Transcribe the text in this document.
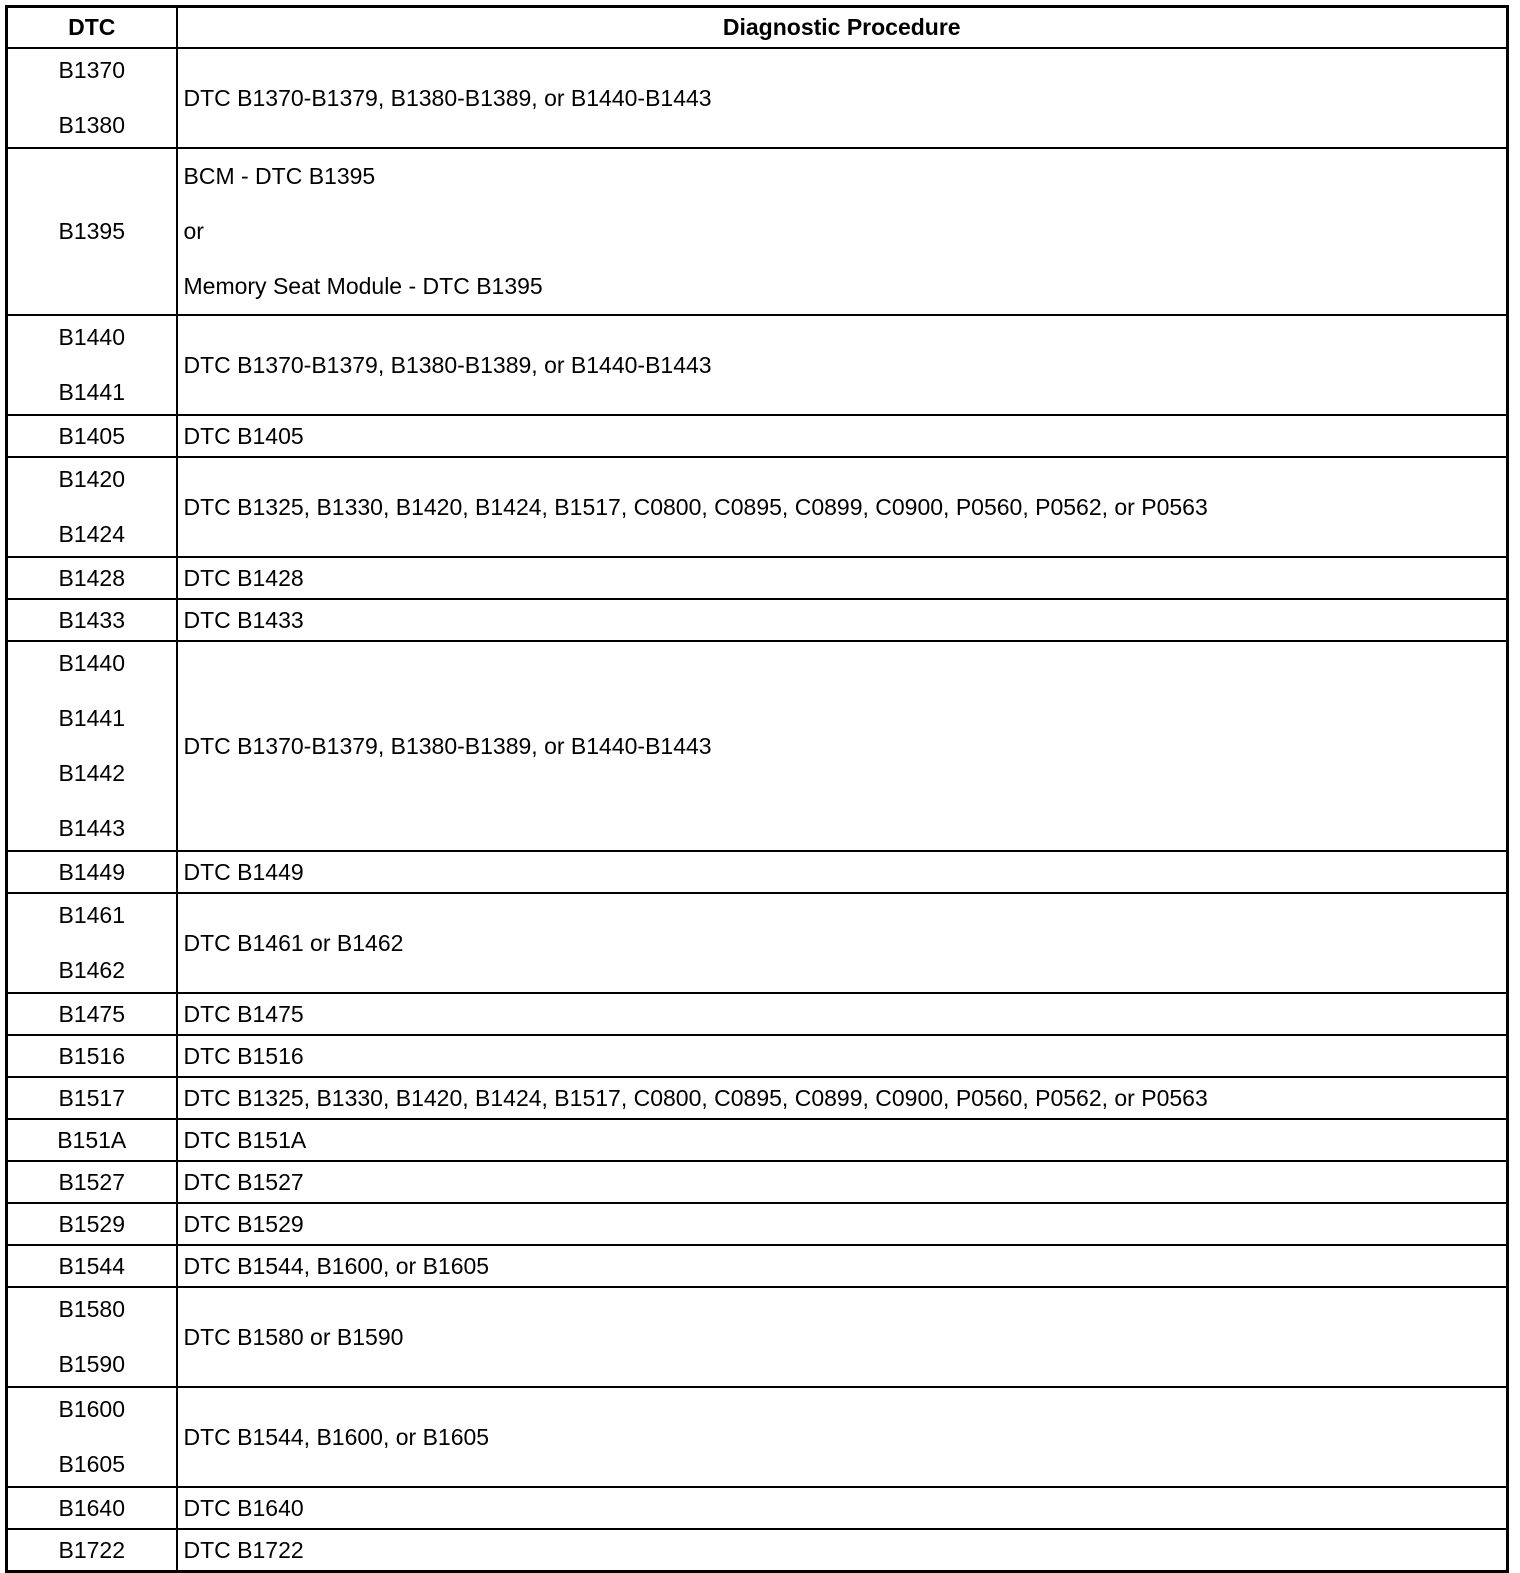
DTC	Diagnostic Procedure

B1370
B1380	DTC B1370-B1379, B1380-B1389, or B1440-B1443

B1395	BCM - DTC B1395
or
Memory Seat Module - DTC B1395

B1440
B1441	DTC B1370-B1379, B1380-B1389, or B1440-B1443

B1405	DTC B1405

B1420
B1424	DTC B1325, B1330, B1420, B1424, B1517, C0800, C0895, C0899, C0900, P0560, P0562, or P0563

B1428	DTC B1428

B1433	DTC B1433

B1440
B1441
B1442
B1443	DTC B1370-B1379, B1380-B1389, or B1440-B1443

B1449	DTC B1449

B1461
B1462	DTC B1461 or B1462

B1475	DTC B1475

B1516	DTC B1516

B1517	DTC B1325, B1330, B1420, B1424, B1517, C0800, C0895, C0899, C0900, P0560, P0562, or P0563

B151A	DTC B151A

B1527	DTC B1527

B1529	DTC B1529

B1544	DTC B1544, B1600, or B1605

B1580
B1590	DTC B1580 or B1590

B1600
B1605	DTC B1544, B1600, or B1605

B1640	DTC B1640

B1722	DTC B1722
